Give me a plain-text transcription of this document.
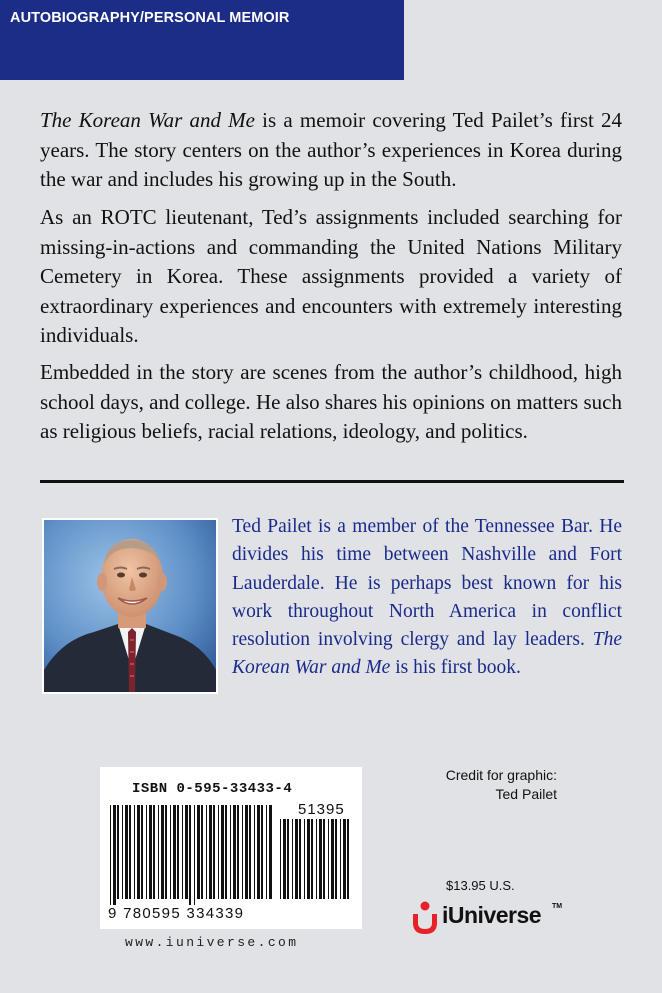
AUTOBIOGRAPHY/PERSONAL MEMOIR

The Korean War and Me is a memoir covering Ted Pailet’s first 24 years. The story centers on the author’s experiences in Korea during the war and includes his growing up in the South.

As an ROTC lieutenant, Ted’s assignments included searching for missing-in-actions and commanding the United Nations Military Cemetery in Korea. These assignments provided a variety of extraordinary experiences and encounters with extremely interesting individuals.

Embedded in the story are scenes from the author’s childhood, high school days, and college. He also shares his opinions on matters such as religious beliefs, racial relations, ideology, and politics.

Ted Pailet is a member of the Tennessee Bar. He divides his time between Nashville and Fort Lauderdale. He is perhaps best known for his work throughout North America in conflict resolution involving clergy and lay leaders. The Korean War and Me is his first book.

ISBN 0-595-33433-4
51395
9 780595 334339
www.iuniverse.com
Credit for graphic:
Ted Pailet
$13.95 U.S.
iUniverse TM
